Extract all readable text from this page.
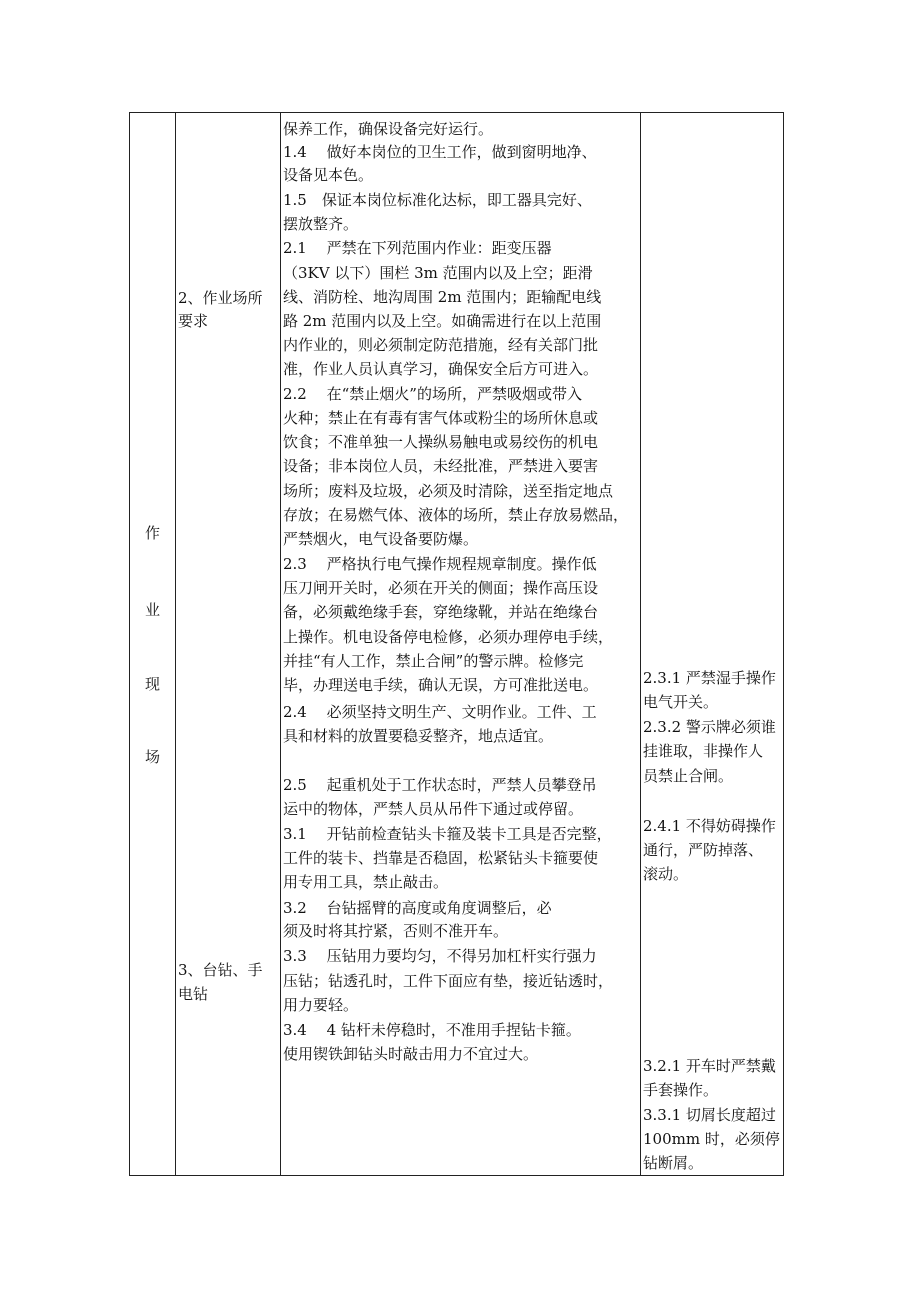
作
业
现
场
2、作业场所
要求
3、台钻、手
电钻
保养工作，确保设备完好运行。
1.4　 做好本岗位的卫生工作，做到窗明地净、
设备见本色。
1.5　保证本岗位标准化达标，即工器具完好、
摆放整齐。
2.1　 严禁在下列范围内作业：距变压器
（3KV 以下）围栏 3m 范围内以及上空；距滑
线、消防栓、地沟周围 2m 范围内；距输配电线
路 2m 范围内以及上空。如确需进行在以上范围
内作业的，则必须制定防范措施，经有关部门批
准，作业人员认真学习，确保安全后方可进入。
2.2　 在“禁止烟火”的场所，严禁吸烟或带入
火种；禁止在有毒有害气体或粉尘的场所休息或
饮食；不准单独一人操纵易触电或易绞伤的机电
设备；非本岗位人员，未经批准，严禁进入要害
场所；废料及垃圾，必须及时清除，送至指定地点
存放；在易燃气体、液体的场所，禁止存放易燃品，
严禁烟火，电气设备要防爆。
2.3　 严格执行电气操作规程规章制度。操作低
压刀闸开关时，必须在开关的侧面；操作高压设
备，必须戴绝缘手套，穿绝缘靴，并站在绝缘台
上操作。机电设备停电检修，必须办理停电手续，
并挂“有人工作，禁止合闸”的警示牌。检修完
毕，办理送电手续，确认无误，方可准批送电。
2.4　 必须坚持文明生产、文明作业。工件、工
具和材料的放置要稳妥整齐，地点适宜。
2.5　 起重机处于工作状态时，严禁人员攀登吊
运中的物体，严禁人员从吊件下通过或停留。
3.1　 开钻前检查钻头卡箍及装卡工具是否完整，
工件的装卡、挡靠是否稳固，松紧钻头卡箍要使
用专用工具，禁止敲击。
3.2　 台钻摇臂的高度或角度调整后，必
须及时将其拧紧，否则不准开车。
3.3　 压钻用力要均匀，不得另加杠杆实行强力
压钻；钻透孔时，工件下面应有垫，接近钻透时，
用力要轻。
3.4　 4 钻杆未停稳时，不准用手捏钻卡箍。
使用锲铁卸钻头时敲击用力不宜过大。
2.3.1 严禁湿手操作
电气开关。
2.3.2 警示牌必须谁
挂谁取，非操作人
员禁止合闸。
2.4.1 不得妨碍操作
通行，严防掉落、
滚动。
3.2.1 开车时严禁戴
手套操作。
3.3.1 切屑长度超过
100mm 时，必须停
钻断屑。
